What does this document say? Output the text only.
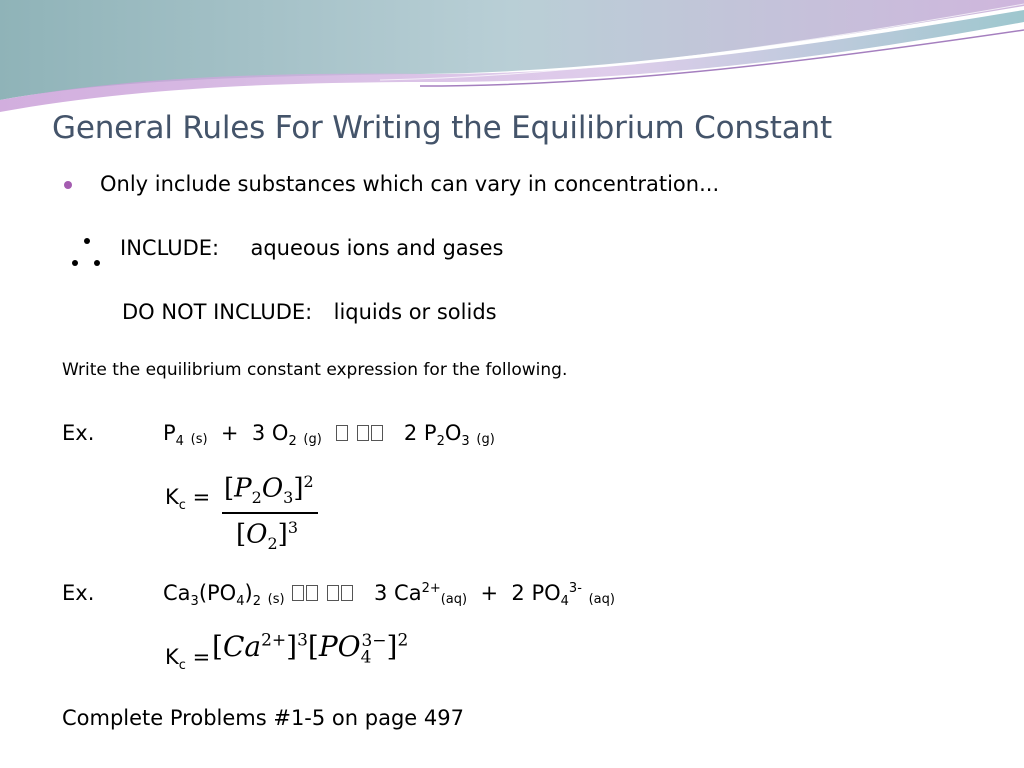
General Rules For Writing the Equilibrium Constant
Only include substances which can vary in concentration...
INCLUDE: aqueous ions and gases
DO NOT INCLUDE: liquids or solids
Write the equilibrium constant expression for the following.
Ex.	$P_4$ (s)  +  3 $O_2$ (g)	2 $P_2O_3$ (g)
$K_c = [P_2O_3]^2$
$[O_2]^3$
Ex.	$Ca_3(PO_4)_2$ (s)	3 $Ca^{2+}(aq) + 2$ $PO_4^{3-}$ (aq)
$K_c = [Ca^{2+}]^3[PO_4^{3-}]^2$
Complete Problems #1-5 on page 497
